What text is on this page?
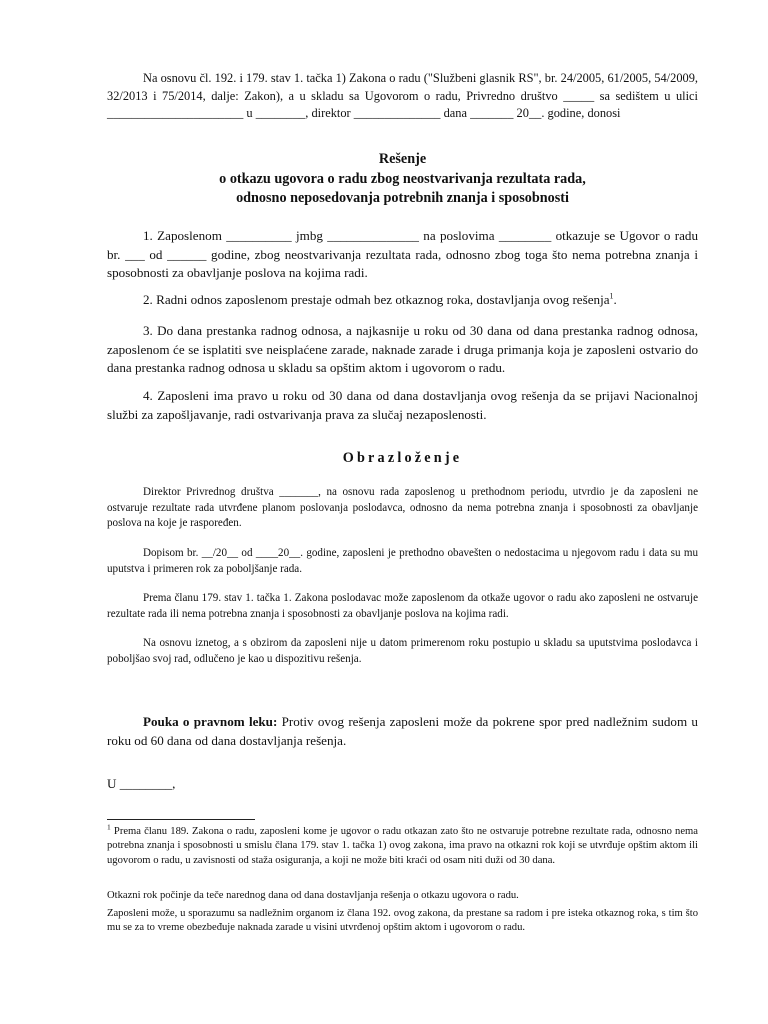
Na osnovu čl. 192. i 179. stav 1. tačka 1) Zakona o radu ("Službeni glasnik RS", br. 24/2005, 61/2005, 54/2009, 32/2013 i 75/2014, dalje: Zakon), a u skladu sa Ugovorom o radu, Privredno društvo _____ sa sedištem u ulici ______________________ u ________, direktor ______________ dana _______ 20__. godine, donosi

Rešenje
o otkazu ugovora o radu zbog neostvarivanja rezultata rada,
odnosno neposedovanja potrebnih znanja i sposobnosti

1. Zaposlenom __________ jmbg ______________ na poslovima ________ otkazuje se Ugovor o radu br. ___ od ______ godine, zbog neostvarivanja rezultata rada, odnosno zbog toga što nema potrebna znanja i sposobnosti za obavljanje poslova na kojima radi.

2. Radni odnos zaposlenom prestaje odmah bez otkaznog roka, dostavljanja ovog rešenja$^1$.

3. Do dana prestanka radnog odnosa, a najkasnije u roku od 30 dana od dana prestanka radnog odnosa, zaposlenom će se isplatiti sve neisplaćene zarade, naknade zarade i druga primanja koja je zaposleni ostvario do dana prestanka radnog odnosa u skladu sa opštim aktom i ugovorom o radu.

4. Zaposleni ima pravo u roku od 30 dana od dana dostavljanja ovog rešenja da se prijavi Nacionalnoj službi za zapošljavanje, radi ostvarivanja prava za slučaj nezaposlenosti.

Obrazloženje

Direktor Privrednog društva _______, na osnovu rada zaposlenog u prethodnom periodu, utvrdio je da zaposleni ne ostvaruje rezultate rada utvrđene planom poslovanja poslodavca, odnosno da nema potrebna znanja i sposobnosti za obavljanje poslova na koje je raspoređen.

Dopisom br. __/20__ od ____20__. godine, zaposleni je prethodno obavešten o nedostacima u njegovom radu i data su mu uputstva i primeren rok za poboljšanje rada.

Prema članu 179. stav 1. tačka 1. Zakona poslodavac može zaposlenom da otkaže ugovor o radu ako zaposleni ne ostvaruje rezultate rada ili nema potrebna znanja i sposobnosti za obavljanje poslova na kojima radi.

Na osnovu iznetog, a s obzirom da zaposleni nije u datom primerenom roku postupio u skladu sa uputstvima poslodavca i poboljšao svoj rad, odlučeno je kao u dispozitivu rešenja.

Pouka o pravnom leku: Protiv ovog rešenja zaposleni može da pokrene spor pred nadležnim sudom u roku od 60 dana od dana dostavljanja rešenja.

U ________,

$^1$ Prema članu 189. Zakona o radu, zaposleni kome je ugovor o radu otkazan zato što ne ostvaruje potrebne rezultate rada, odnosno nema potrebna znanja i sposobnosti u smislu člana 179. stav 1. tačka 1) ovog zakona, ima pravo na otkazni rok koji se utvrđuje opštim aktom ili ugovorom o radu, u zavisnosti od staža osiguranja, a koji ne može biti kraći od osam niti duži od 30 dana.

Otkazni rok počinje da teče narednog dana od dana dostavljanja rešenja o otkazu ugovora o radu.

Zaposleni može, u sporazumu sa nadležnim organom iz člana 192. ovog zakona, da prestane sa radom i pre isteka otkaznog roka, s tim što mu se za to vreme obezbeđuje naknada zarade u visini utvrđenoj opštim aktom i ugovorom o radu.
